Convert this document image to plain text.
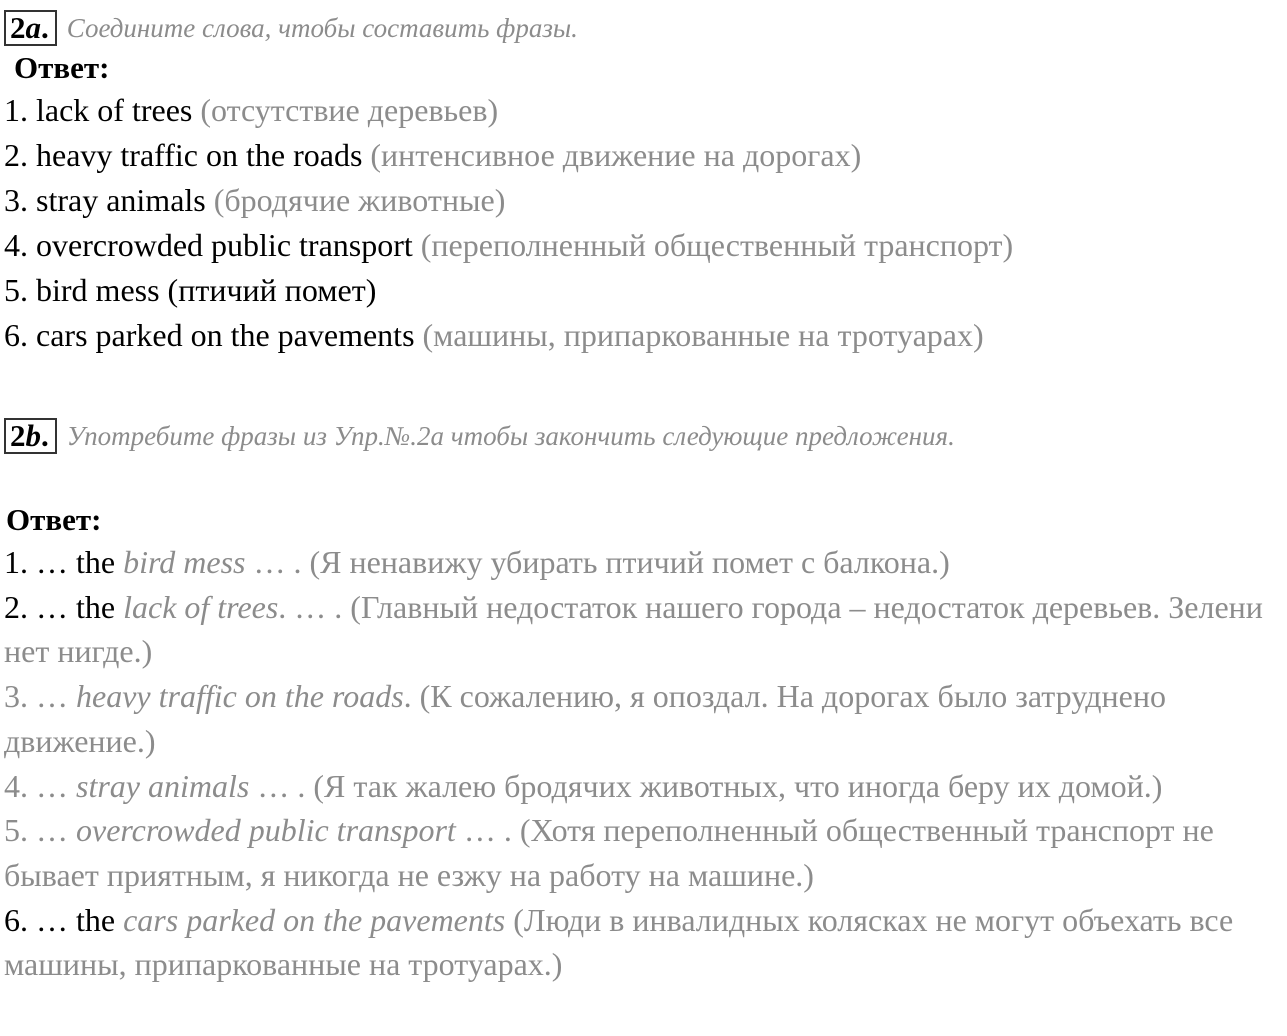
2a. Соедините слова, чтобы составить фразы.
Ответ:
1. lack of trees (отсутствие деревьев)
2. heavy traffic on the roads (интенсивное движение на дорогах)
3. stray animals (бродячие животные)
4. overcrowded public transport (переполненный общественный транспорт)
5. bird mess (птичий помет)
6. cars parked on the pavements (машины, припаркованные на тротуарах)
2b. Употребите фразы из Упр.№.2а чтобы закончить следующие предложения.
Ответ:
1. … the bird mess … . (Я ненавижу убирать птичий помет с балкона.)
2. … the lack of trees. … . (Главный недостаток нашего города – недостаток деревьев. Зелени нет нигде.)
3. … heavy traffic on the roads. (К сожалению, я опоздал. На дорогах было затруднено движение.)
4. … stray animals … . (Я так жалею бродячих животных, что иногда беру их домой.)
5. … overcrowded public transport … . (Хотя переполненный общественный транспорт не бывает приятным, я никогда не езжу на работу на машине.)
6. … the cars parked on the pavements (Люди в инвалидных колясках не могут объехать все машины, припаркованные на тротуарах.)
